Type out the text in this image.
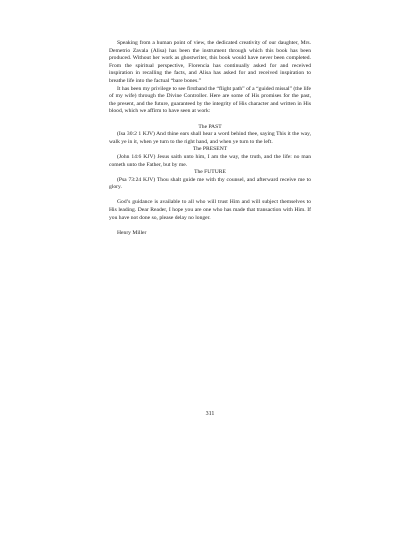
Speaking from a human point of view, the dedicated creativity of our daughter, Mrs. Demetrio Zavala (Alisa) has been the instrument through which this book has been produced. Without her work as ghostwriter, this book would have never been completed. From the spiritual perspective, Florencia has continually asked for and received inspiration in recalling the facts, and Alisa has asked for and received inspiration to breathe life into the factual “bare bones.”

It has been my privilege to see firsthand the “flight path” of a “guided missal” (the life of my wife) through the Divine Controller. Here are some of His promises for the past, the present, and the future, guaranteed by the integrity of His character and written in His blood, which we affirm to have seen at work:

The PAST

(Isa 30:2 1 KJV) And thine ears shall hear a word behind thee, saying This it the way, walk ye in it, when ye turn to the right hand, and when ye turn to the left.

The PRESENT

(John 14:6 KJV) Jesus saith unto him, I am the way, the truth, and the life: no man cometh unto the Father, but by me.

The FUTURE

(Psa 73:24 KJV) Thou shalt guide me with thy counsel, and afterward receive me to glory.

God’s guidance is available to all who will trust Him and will subject themselves to His leading. Dear Reader, I hope you are one who has made that transaction with Him. If you have not done so, please delay no longer.

Henry Miller

311
